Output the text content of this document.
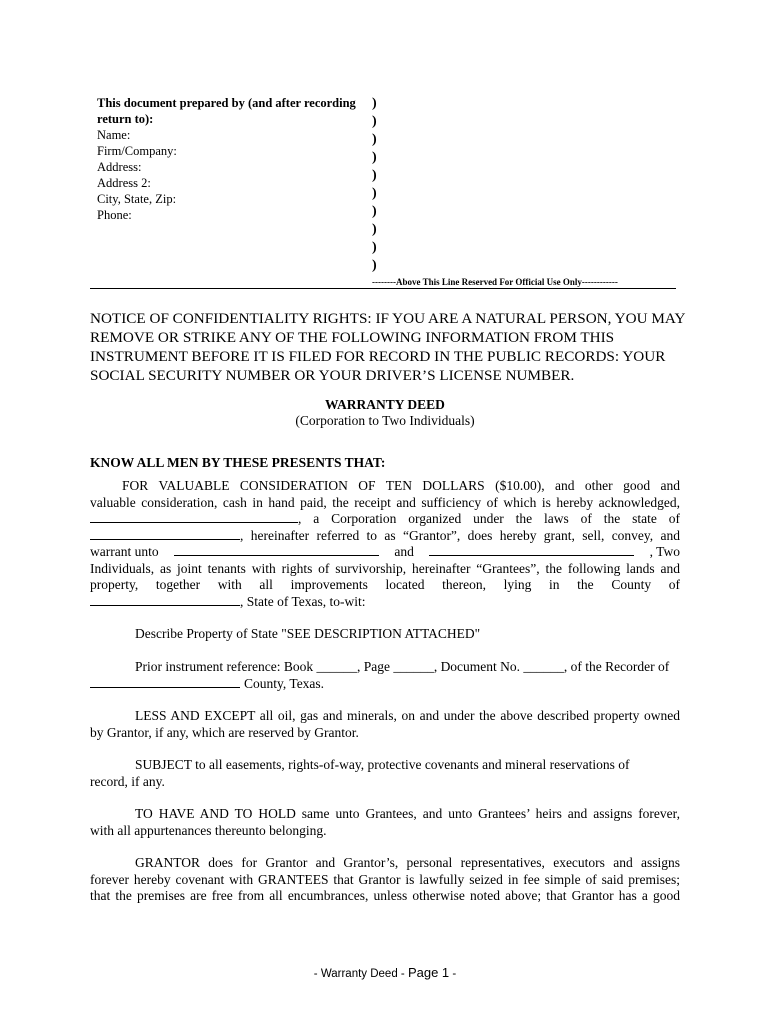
This document prepared by (and after recording return to):
Name:
Firm/Company:
Address:
Address 2:
City, State, Zip:
Phone:
)
)
)
)
)
)
)
)
)
)
--------Above This Line Reserved For Official Use Only------------
NOTICE OF CONFIDENTIALITY RIGHTS: IF YOU ARE A NATURAL PERSON, YOU MAY REMOVE OR STRIKE ANY OF THE FOLLOWING INFORMATION FROM THIS INSTRUMENT BEFORE IT IS FILED FOR RECORD IN THE PUBLIC RECORDS: YOUR SOCIAL SECURITY NUMBER OR YOUR DRIVER’S LICENSE NUMBER.
WARRANTY DEED
(Corporation to Two Individuals)
KNOW ALL MEN BY THESE PRESENTS THAT:
FOR VALUABLE CONSIDERATION OF TEN DOLLARS ($10.00), and other good and
valuable consideration, cash in hand paid, the receipt and sufficiency of which is hereby acknowledged,
, a Corporation organized under the laws of the state of
, hereinafter referred to as “Grantor”, does hereby grant, sell, convey, and
warrant unto	and	, Two
Individuals, as joint tenants with rights of survivorship, hereinafter “Grantees”, the following lands and
property, together with all improvements located thereon, lying in the County of
, State of Texas, to-wit:
Describe Property of State "SEE DESCRIPTION ATTACHED"
Prior instrument reference: Book ______, Page ______, Document No. ______, of the Recorder of
County, Texas.
LESS AND EXCEPT all oil, gas and minerals, on and under the above described property owned
by Grantor, if any, which are reserved by Grantor.
SUBJECT to all easements, rights-of-way, protective covenants and mineral reservations of
record, if any.
TO HAVE AND TO HOLD same unto Grantees, and unto Grantees’ heirs and assigns forever,
with all appurtenances thereunto belonging.
GRANTOR does for Grantor and Grantor’s, personal representatives, executors and assigns
forever hereby covenant with GRANTEES that Grantor is lawfully seized in fee simple of said premises;
that the premises are free from all encumbrances, unless otherwise noted above; that Grantor has a good
- Warranty Deed - Page 1 -
